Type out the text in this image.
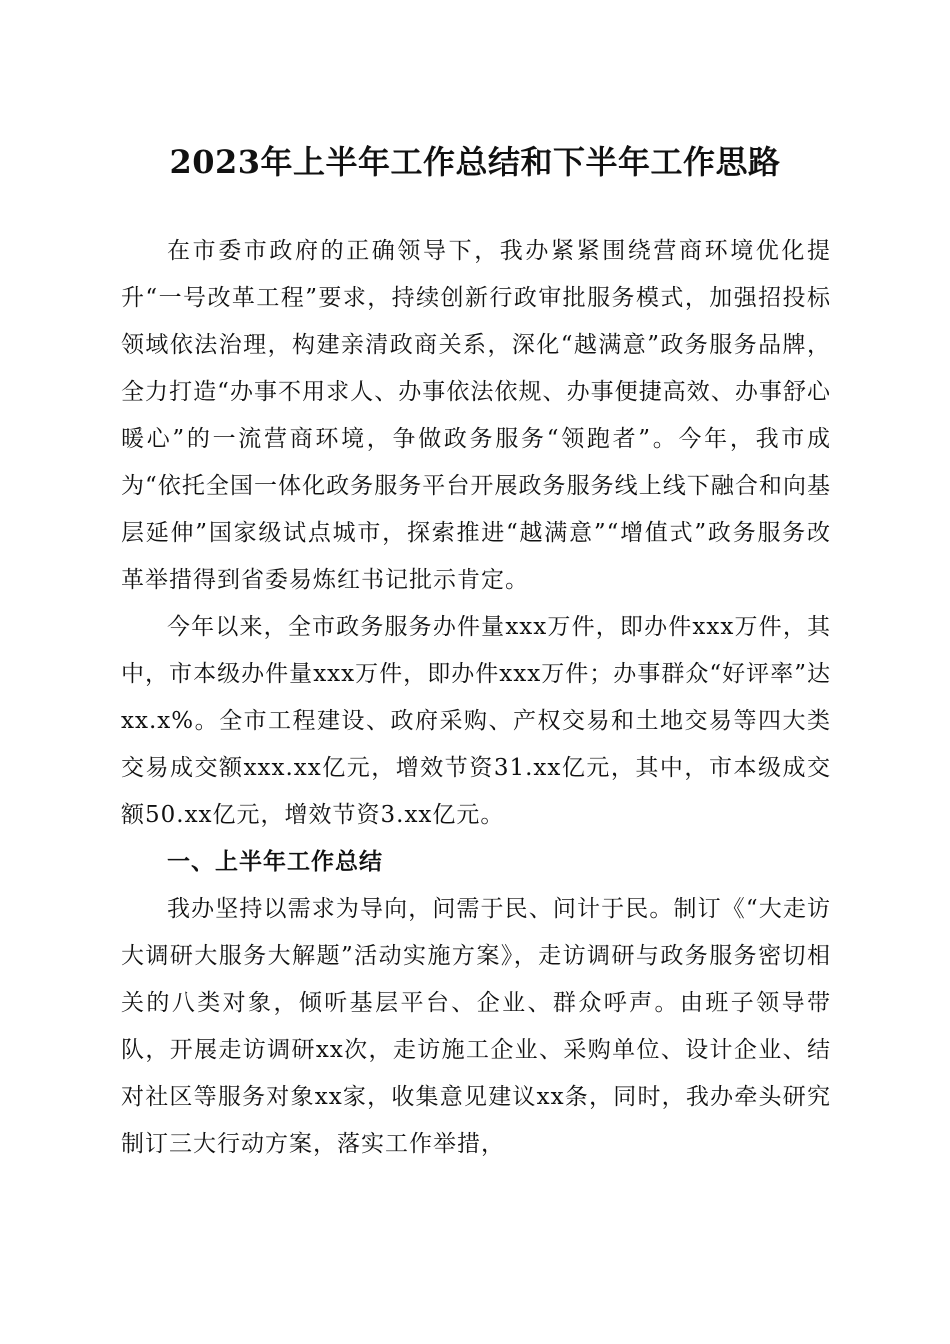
2023年上半年工作总结和下半年工作思路

在市委市政府的正确领导下，我办紧紧围绕营商环境优化提升“一号改革工程”要求，持续创新行政审批服务模式，加强招投标领域依法治理，构建亲清政商关系，深化“越满意”政务服务品牌，全力打造“办事不用求人、办事依法依规、办事便捷高效、办事舒心暖心”的一流营商环境，争做政务服务“领跑者”。今年，我市成为“依托全国一体化政务服务平台开展政务服务线上线下融合和向基层延伸”国家级试点城市，探索推进“越满意”“增值式”政务服务改革举措得到省委易炼红书记批示肯定。

今年以来，全市政务服务办件量xxx万件，即办件xxx万件，其中，市本级办件量xxx万件，即办件xxx万件；办事群众“好评率”达xx.x%。全市工程建设、政府采购、产权交易和土地交易等四大类交易成交额xxx.xx亿元，增效节资31.xx亿元，其中，市本级成交额50.xx亿元，增效节资3.xx亿元。

一、上半年工作总结

我办坚持以需求为导向，问需于民、问计于民。制订《“大走访大调研大服务大解题”活动实施方案》，走访调研与政务服务密切相关的八类对象，倾听基层平台、企业、群众呼声。由班子领导带队，开展走访调研xx次，走访施工企业、采购单位、设计企业、结对社区等服务对象xx家，收集意见建议xx条，同时，我办牵头研究制订三大行动方案，落实工作举措，
